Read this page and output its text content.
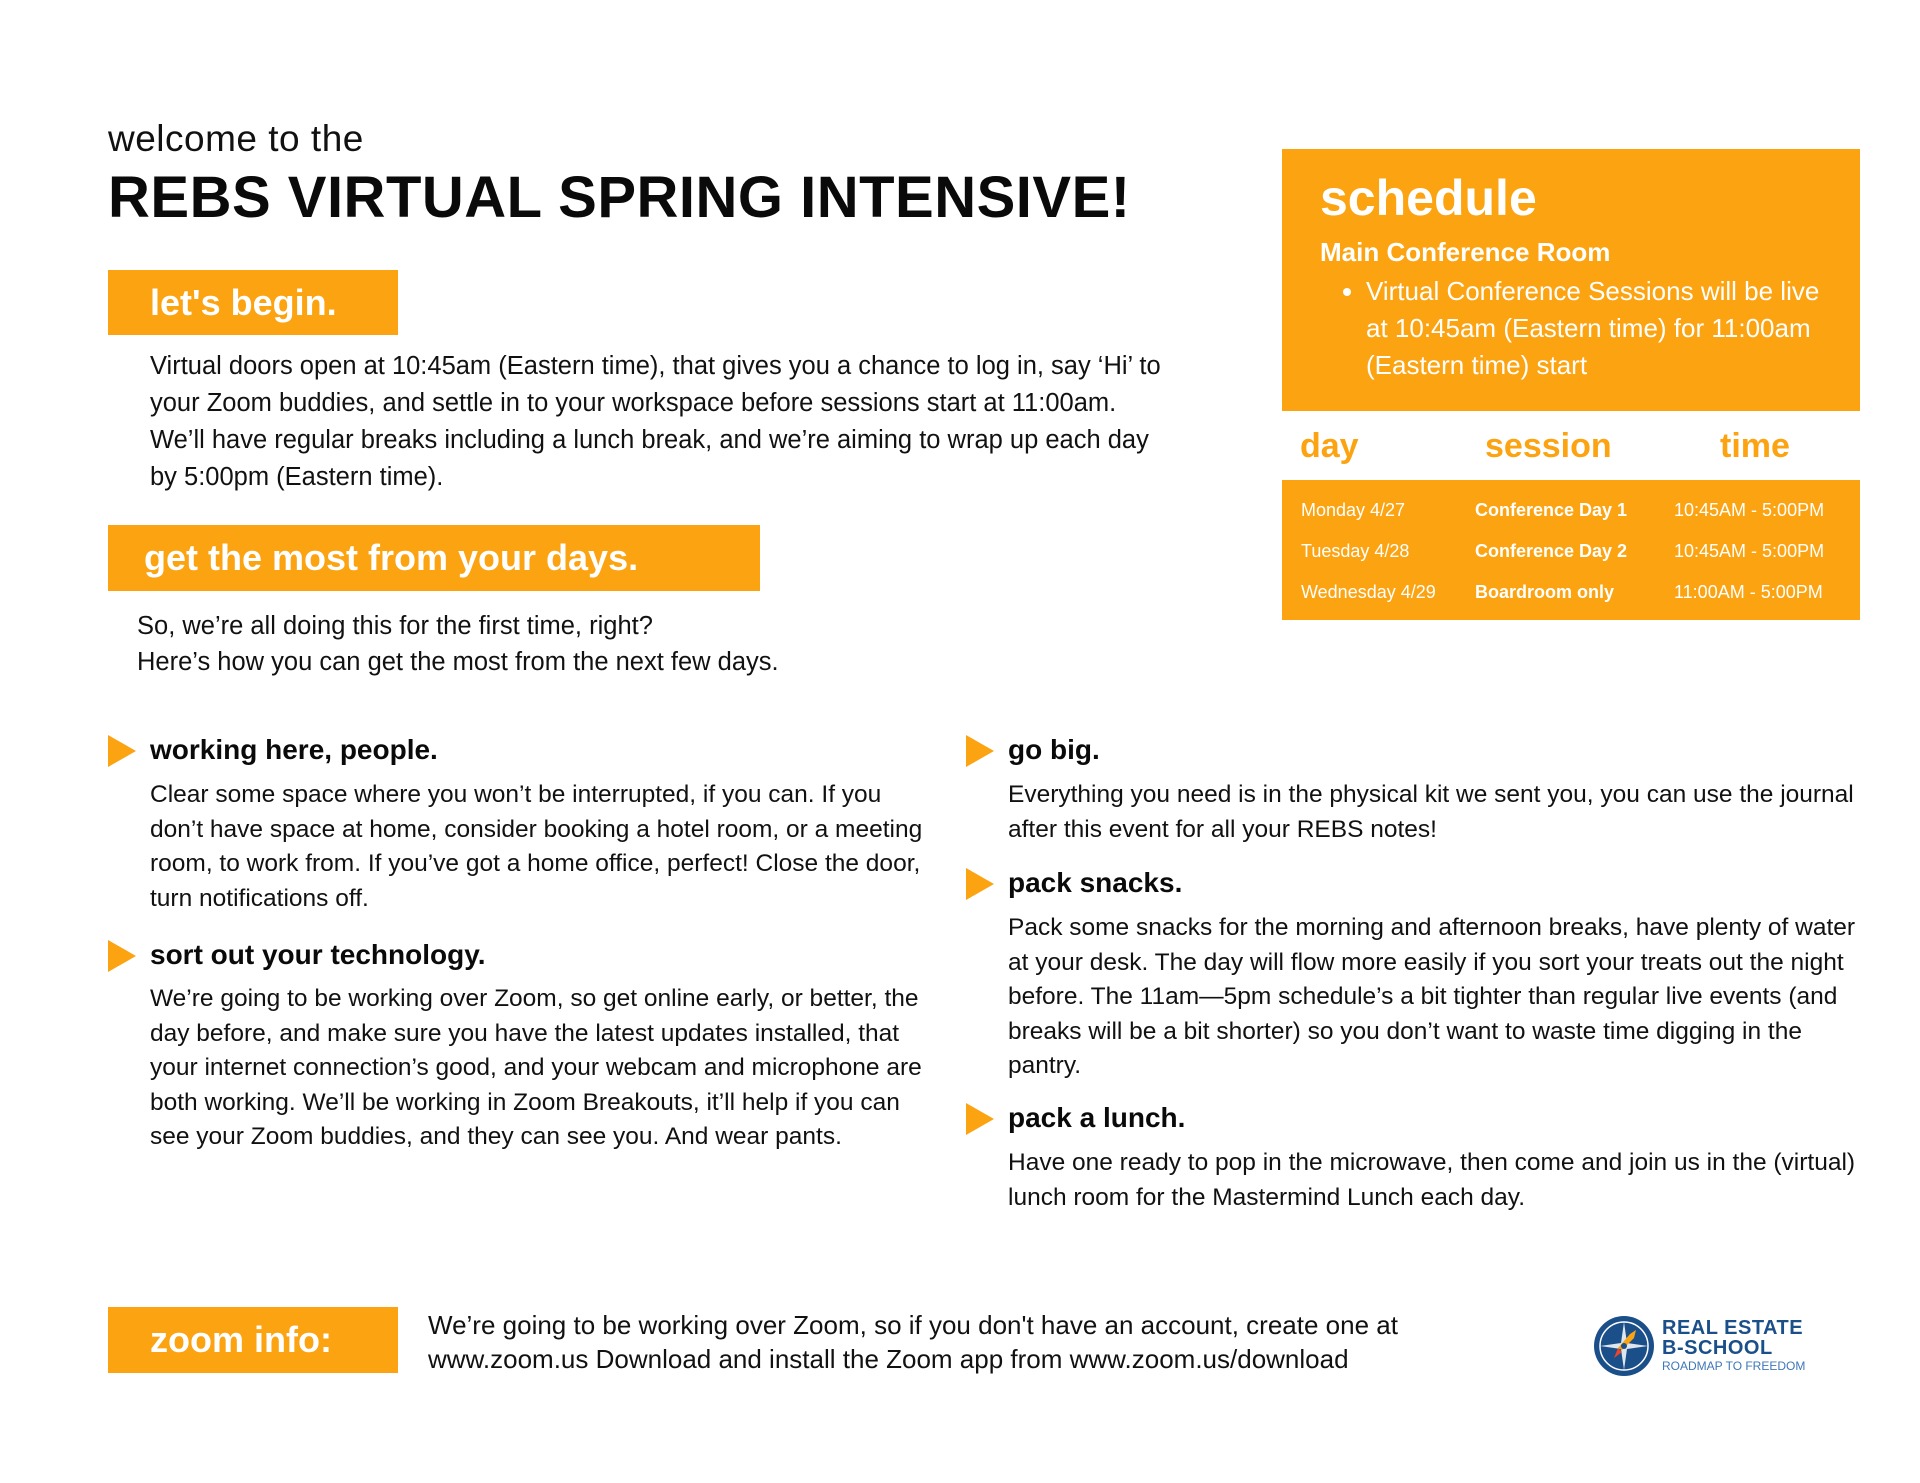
welcome to the
REBS VIRTUAL SPRING INTENSIVE!
let's begin.
Virtual doors open at 10:45am (Eastern time), that gives you a chance to log in, say ‘Hi’ to your Zoom buddies, and settle in to your workspace before sessions start at 11:00am. We’ll have regular breaks including a lunch break, and we’re aiming to wrap up each day by 5:00pm (Eastern time).
get the most from your days.
So, we’re all doing this for the first time, right?
Here’s how you can get the most from the next few days.
schedule
Main Conference Room
• Virtual Conference Sessions will be live at 10:45am (Eastern time) for 11:00am (Eastern time) start
day	session	time
Monday 4/27	Conference Day 1	10:45AM - 5:00PM
Tuesday 4/28	Conference Day 2	10:45AM - 5:00PM
Wednesday 4/29 Boardroom only	11:00AM - 5:00PM
working here, people.
Clear some space where you won’t be interrupted, if you can. If you don’t have space at home, consider booking a hotel room, or a meeting room, to work from. If you’ve got a home office, perfect! Close the door, turn notifications off.
sort out your technology.
We’re going to be working over Zoom, so get online early, or better, the day before, and make sure you have the latest updates installed, that your internet connection’s good, and your webcam and microphone are both working. We’ll be working in Zoom Breakouts, it’ll help if you can see your Zoom buddies, and they can see you. And wear pants.
go big.
Everything you need is in the physical kit we sent you, you can use the journal after this event for all your REBS notes!
pack snacks.
Pack some snacks for the morning and afternoon breaks, have plenty of water at your desk. The day will flow more easily if you sort your treats out the night before. The 11am—5pm schedule’s a bit tighter than regular live events (and breaks will be a bit shorter) so you don’t want to waste time digging in the pantry.
pack a lunch.
Have one ready to pop in the microwave, then come and join us in the (virtual) lunch room for the Mastermind Lunch each day.
zoom info:	We’re going to be working over Zoom, so if you don't have an account, create one at
www.zoom.us Download and install the Zoom app from www.zoom.us/download
REAL ESTATE
B-SCHOOL
ROADMAP TO FREEDOM
